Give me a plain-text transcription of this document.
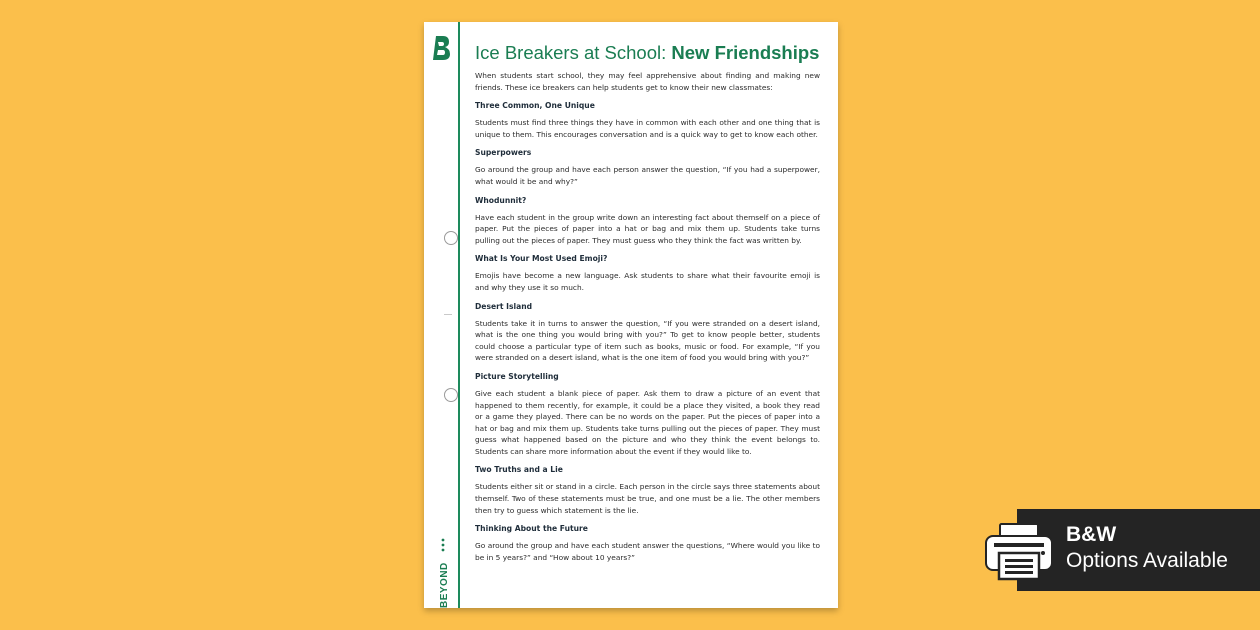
BEYOND
Ice Breakers at School: New Friendships

When students start school, they may feel apprehensive about finding and making new friends. These ice breakers can help students get to know their new classmates:

Three Common, One Unique

Students must find three things they have in common with each other and one thing that is unique to them. This encourages conversation and is a quick way to get to know each other.

Superpowers

Go around the group and have each person answer the question, “If you had a superpower, what would it be and why?”

Whodunnit?

Have each student in the group write down an interesting fact about themself on a piece of paper. Put the pieces of paper into a hat or bag and mix them up. Students take turns pulling out the pieces of paper. They must guess who they think the fact was written by.

What Is Your Most Used Emoji?

Emojis have become a new language. Ask students to share what their favourite emoji is and why they use it so much.

Desert Island

Students take it in turns to answer the question, “If you were stranded on a desert island, what is the one thing you would bring with you?” To get to know people better, students could choose a particular type of item such as books, music or food. For example, “If you were stranded on a desert island, what is the one item of food you would bring with you?”

Picture Storytelling

Give each student a blank piece of paper. Ask them to draw a picture of an event that happened to them recently, for example, it could be a place they visited, a book they read or a game they played. There can be no words on the paper. Put the pieces of paper into a hat or bag and mix them up. Students take turns pulling out the pieces of paper. They must guess what happened based on the picture and who they think the event belongs to. Students can share more information about the event if they would like to.

Two Truths and a Lie

Students either sit or stand in a circle. Each person in the circle says three statements about themself. Two of these statements must be true, and one must be a lie. The other members then try to guess which statement is the lie.

Thinking About the Future

Go around the group and have each student answer the questions, “Where would you like to be in 5 years?” and “How about 10 years?”

B&W
Options Available
